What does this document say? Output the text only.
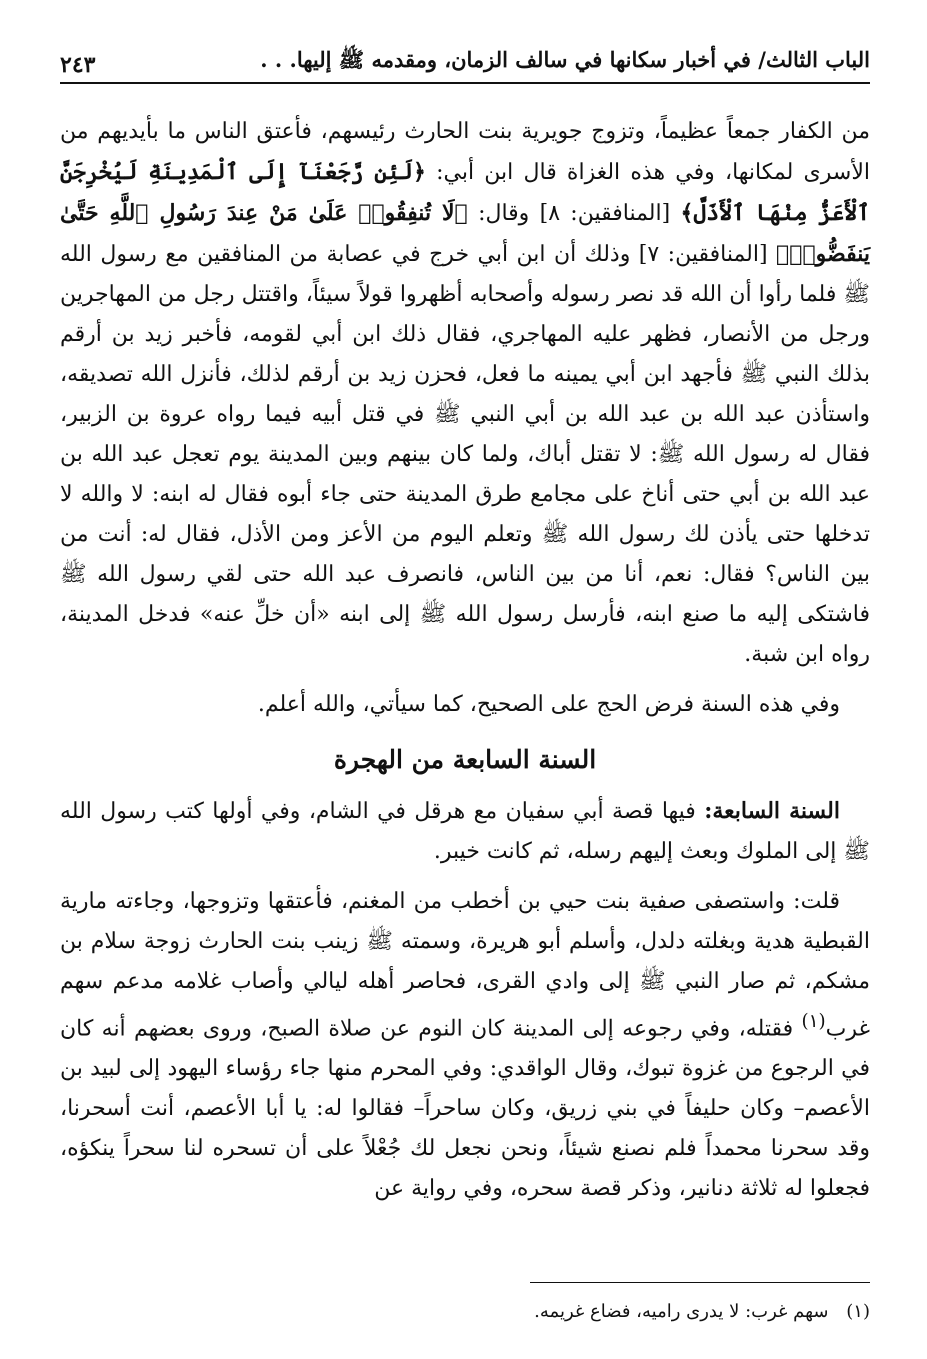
الباب الثالث/ في أخبار سكانها في سالف الزمان، ومقدمه ﷺ إليها. . .
٢٤٣

من الكفار جمعاً عظيماً، وتزوج جويرية بنت الحارث رئيسهم، فأعتق الناس ما بأيديهم من الأسرى لمكانها، وفي هذه الغزاة قال ابن أبي: ﴿لَئِن رَّجَعْنَآ إِلَى ٱلْمَدِينَةِ لَيُخْرِجَنَّ ٱلْأَعَزُّ مِنْهَا ٱلْأَذَلَّ﴾ [المنافقين: ٨] وقال: ﴿لَا تُنفِقُوا۟ عَلَىٰ مَنْ عِندَ رَسُولِ ٱللَّهِ حَتَّىٰ يَنفَضُّوا۟﴾ [المنافقين: ٧] وذلك أن ابن أبي خرج في عصابة من المنافقين مع رسول الله ﷺ فلما رأوا أن الله قد نصر رسوله وأصحابه أظهروا قولاً سيئاً، واقتتل رجل من المهاجرين ورجل من الأنصار، فظهر عليه المهاجري، فقال ذلك ابن أبي لقومه، فأخبر زيد بن أرقم بذلك النبي ﷺ فأجهد ابن أبي يمينه ما فعل، فحزن زيد بن أرقم لذلك، فأنزل الله تصديقه، واستأذن عبد الله بن عبد الله بن أبي النبي ﷺ في قتل أبيه فيما رواه عروة بن الزبير، فقال له رسول الله ﷺ: لا تقتل أباك، ولما كان بينهم وبين المدينة يوم تعجل عبد الله بن عبد الله بن أبي حتى أناخ على مجامع طرق المدينة حتى جاء أبوه فقال له ابنه: لا والله لا تدخلها حتى يأذن لك رسول الله ﷺ وتعلم اليوم من الأعز ومن الأذل، فقال له: أنت من بين الناس؟ فقال: نعم، أنا من بين الناس، فانصرف عبد الله حتى لقي رسول الله ﷺ فاشتكى إليه ما صنع ابنه، فأرسل رسول الله ﷺ إلى ابنه «أن خلِّ عنه» فدخل المدينة، رواه ابن شبة.

وفي هذه السنة فرض الحج على الصحيح، كما سيأتي، والله أعلم.

السنة السابعة من الهجرة

السنة السابعة: فيها قصة أبي سفيان مع هرقل في الشام، وفي أولها كتب رسول الله ﷺ إلى الملوك وبعث إليهم رسله، ثم كانت خيبر.

قلت: واستصفى صفية بنت حيي بن أخطب من المغنم، فأعتقها وتزوجها، وجاءته مارية القبطية هدية وبغلته دلدل، وأسلم أبو هريرة، وسمته ﷺ زينب بنت الحارث زوجة سلام بن مشكم، ثم صار النبي ﷺ إلى وادي القرى، فحاصر أهله ليالي وأصاب غلامه مدعم سهم غرب$^{(١)}$ فقتله، وفي رجوعه إلى المدينة كان النوم عن صلاة الصبح، وروى بعضهم أنه كان في الرجوع من غزوة تبوك، وقال الواقدي: وفي المحرم منها جاء رؤساء اليهود إلى لبيد بن الأعصم– وكان حليفاً في بني زريق، وكان ساحراً– فقالوا له: يا أبا الأعصم، أنت أسحرنا، وقد سحرنا محمداً فلم نصنع شيئاً، ونحن نجعل لك جُعْلاً على أن تسحره لنا سحراً ينكؤه، فجعلوا له ثلاثة دنانير، وذكر قصة سحره، وفي رواية عن

(١) سهم غرب: لا يدرى راميه، فضاع غريمه.
